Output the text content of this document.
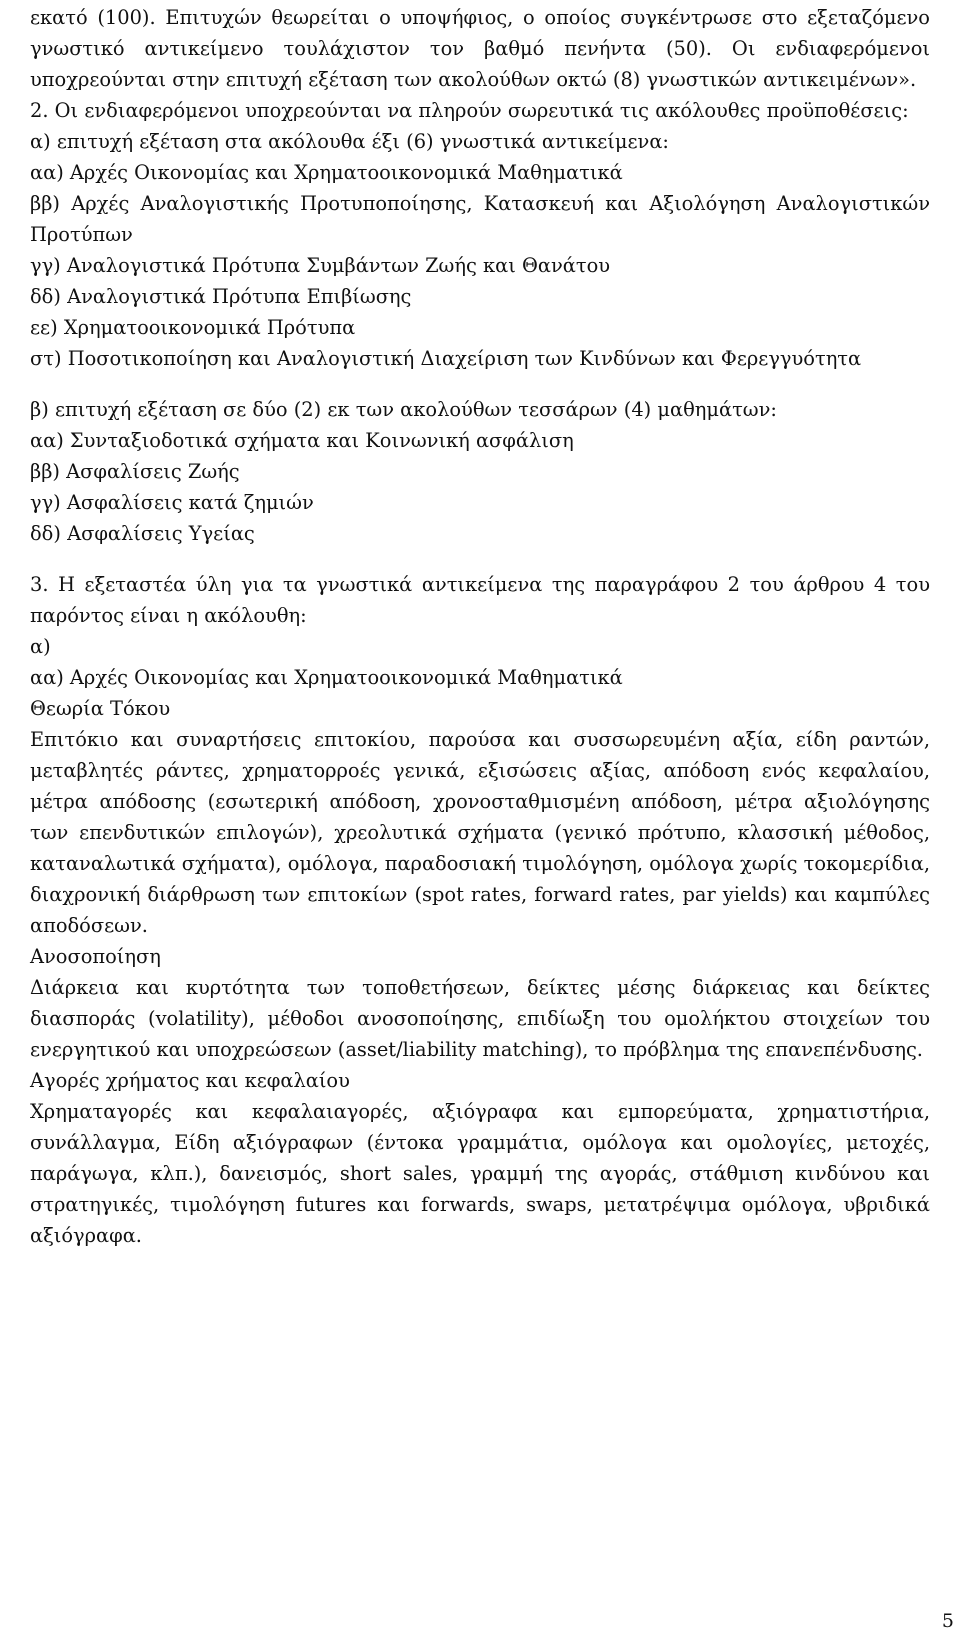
εκατό (100). Επιτυχών θεωρείται ο υποψήφιος, ο οποίος συγκέντρωσε στο εξεταζόμενο γνωστικό αντικείμενο τουλάχιστον τον βαθμό πενήντα (50). Οι ενδιαφερόμενοι υποχρεούνται στην επιτυχή εξέταση των ακολούθων οκτώ (8) γνωστικών αντικειμένων».

2. Οι ενδιαφερόμενοι υποχρεούνται να πληρούν σωρευτικά τις ακόλουθες προϋποθέσεις:

α) επιτυχή εξέταση στα ακόλουθα έξι (6) γνωστικά αντικείμενα:

αα) Αρχές Οικονομίας και Χρηματοοικονομικά Μαθηματικά

ββ) Αρχές Αναλογιστικής Προτυποποίησης, Κατασκευή και Αξιολόγηση Αναλογιστικών Προτύπων

γγ) Αναλογιστικά Πρότυπα Συμβάντων Ζωής και Θανάτου

δδ) Αναλογιστικά Πρότυπα Επιβίωσης

εε) Χρηματοοικονομικά Πρότυπα

στ) Ποσοτικοποίηση και Αναλογιστική Διαχείριση των Κινδύνων και Φερεγγυότητα

β) επιτυχή εξέταση σε δύο (2) εκ των ακολούθων τεσσάρων (4) μαθημάτων:

αα) Συνταξιοδοτικά σχήματα και Κοινωνική ασφάλιση

ββ) Ασφαλίσεις Ζωής

γγ) Ασφαλίσεις κατά ζημιών

δδ) Ασφαλίσεις Υγείας

3. Η εξεταστέα ύλη για τα γνωστικά αντικείμενα της παραγράφου 2 του άρθρου 4 του παρόντος είναι η ακόλουθη:

α)

αα) Αρχές Οικονομίας και Χρηματοοικονομικά Μαθηματικά

Θεωρία Τόκου

Επιτόκιο και συναρτήσεις επιτοκίου, παρούσα και συσσωρευμένη αξία, είδη ραντών, μεταβλητές ράντες, χρηματορροές γενικά, εξισώσεις αξίας, απόδοση ενός κεφαλαίου, μέτρα απόδοσης (εσωτερική απόδοση, χρονοσταθμισμένη απόδοση, μέτρα αξιολόγησης των επενδυτικών επιλογών), χρεολυτικά σχήματα (γενικό πρότυπο, κλασσική μέθοδος, καταναλωτικά σχήματα), ομόλογα, παραδοσιακή τιμολόγηση, ομόλογα χωρίς τοκομερίδια, διαχρονική διάρθρωση των επιτοκίων (spot rates, forward rates, par yields) και καμπύλες αποδόσεων.

Ανοσοποίηση

Διάρκεια και κυρτότητα των τοποθετήσεων, δείκτες μέσης διάρκειας και δείκτες διασποράς (volatility), μέθοδοι ανοσοποίησης, επιδίωξη του ομολήκτου στοιχείων του ενεργητικού και υποχρεώσεων (asset/liability matching), το πρόβλημα της επανεπένδυσης.

Αγορές χρήματος και κεφαλαίου

Χρηματαγορές και κεφαλαιαγορές, αξιόγραφα και εμπορεύματα, χρηματιστήρια, συνάλλαγμα, Είδη αξιόγραφων (έντοκα γραμμάτια, ομόλογα και ομολογίες, μετοχές, παράγωγα, κλπ.), δανεισμός, short sales, γραμμή της αγοράς, στάθμιση κινδύνου και στρατηγικές, τιμολόγηση futures και forwards, swaps, μετατρέψιμα ομόλογα, υβριδικά αξιόγραφα.

5
